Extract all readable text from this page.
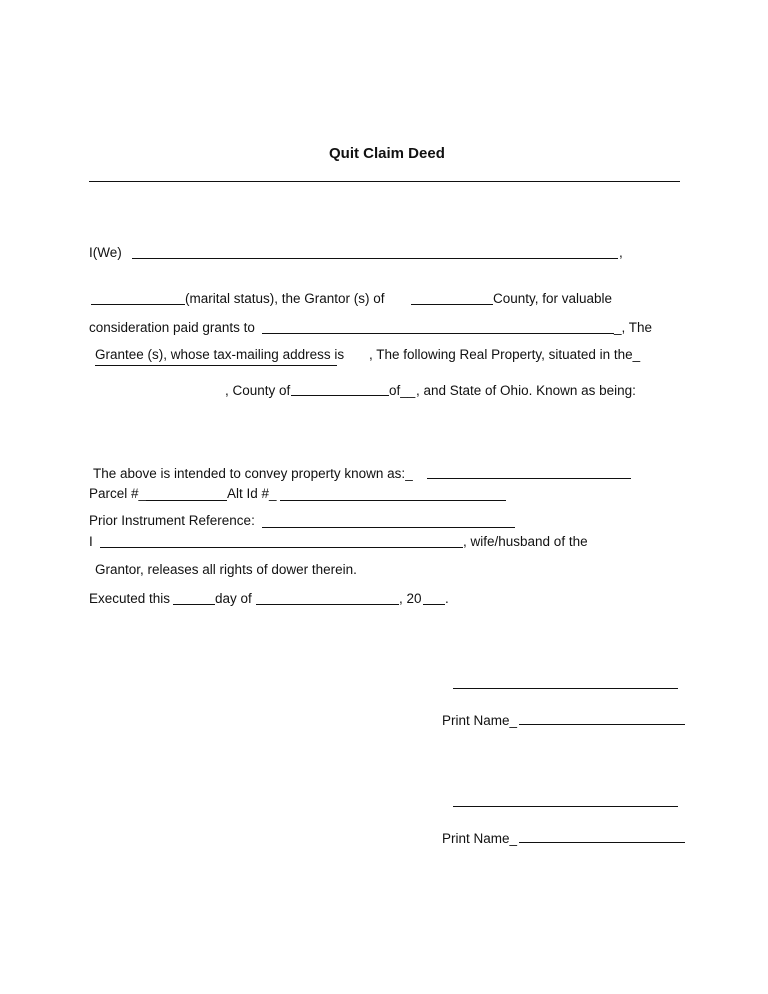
Quit Claim Deed
I(We)	,
(marital status), the Grantor (s) of	County, for valuable
consideration paid grants to	_, The
Grantee (s), whose tax-mailing address is , The following Real Property, situated in the_
, County of	of__ , and State of Ohio. Known as being:
The above is intended to convey property known as:_
Parcel #_	Alt Id #_
Prior Instrument Reference:
I	, wife/husband of the
Grantor, releases all rights of dower therein.
Executed this	day of	, 20 .
Print Name_
Print Name_
